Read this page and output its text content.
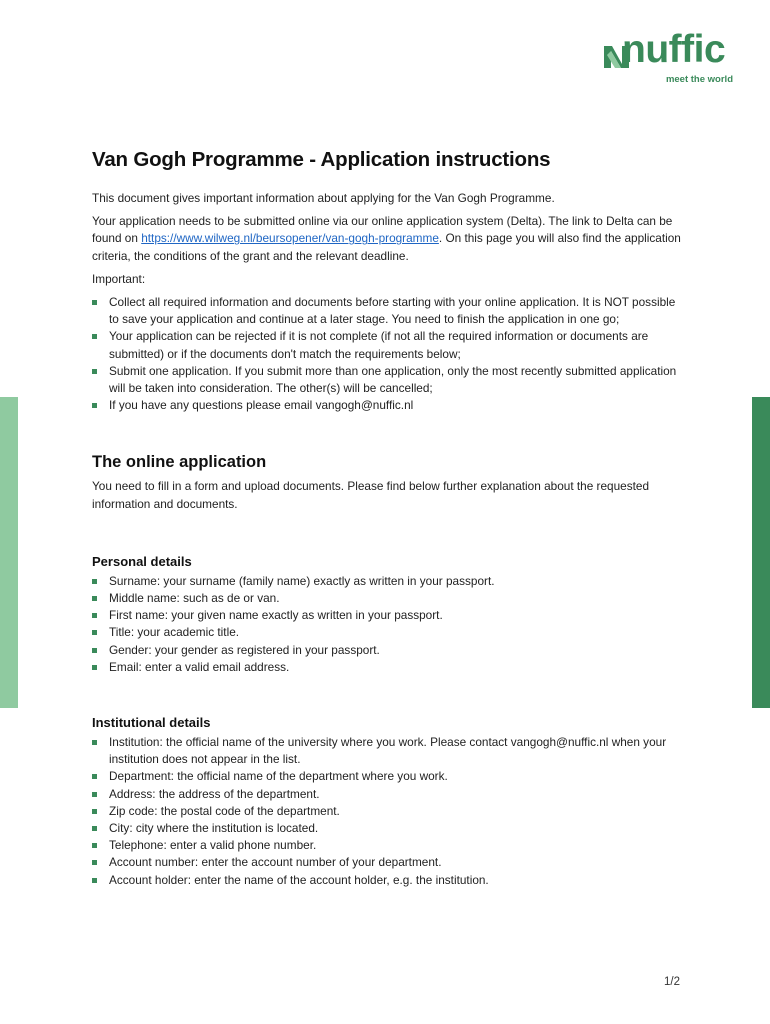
nuffic
meet the world
Van Gogh Programme - Application instructions

This document gives important information about applying for the Van Gogh Programme.

Your application needs to be submitted online via our online application system (Delta). The link to Delta can be found on https://www.wilweg.nl/beursopener/van-gogh-programme. On this page you will also find the application criteria, the conditions of the grant and the relevant deadline.

Important:

Collect all required information and documents before starting with your online application. It is NOT possible to save your application and continue at a later stage. You need to finish the application in one go;
Your application can be rejected if it is not complete (if not all the required information or documents are submitted) or if the documents don't match the requirements below;
Submit one application. If you submit more than one application, only the most recently submitted application will be taken into consideration. The other(s) will be cancelled;
If you have any questions please email vangogh@nuffic.nl
The online application

You need to fill in a form and upload documents. Please find below further explanation about the requested information and documents.

Personal details
Surname: your surname (family name) exactly as written in your passport.
Middle name: such as de or van.
First name: your given name exactly as written in your passport.
Title: your academic title.
Gender: your gender as registered in your passport.
Email: enter a valid email address.
Institutional details
Institution: the official name of the university where you work. Please contact vangogh@nuffic.nl when your institution does not appear in the list.
Department: the official name of the department where you work.
Address: the address of the department.
Zip code: the postal code of the department.
City: city where the institution is located.
Telephone: enter a valid phone number.
Account number: enter the account number of your department.
Account holder: enter the name of the account holder, e.g. the institution.
1/2
